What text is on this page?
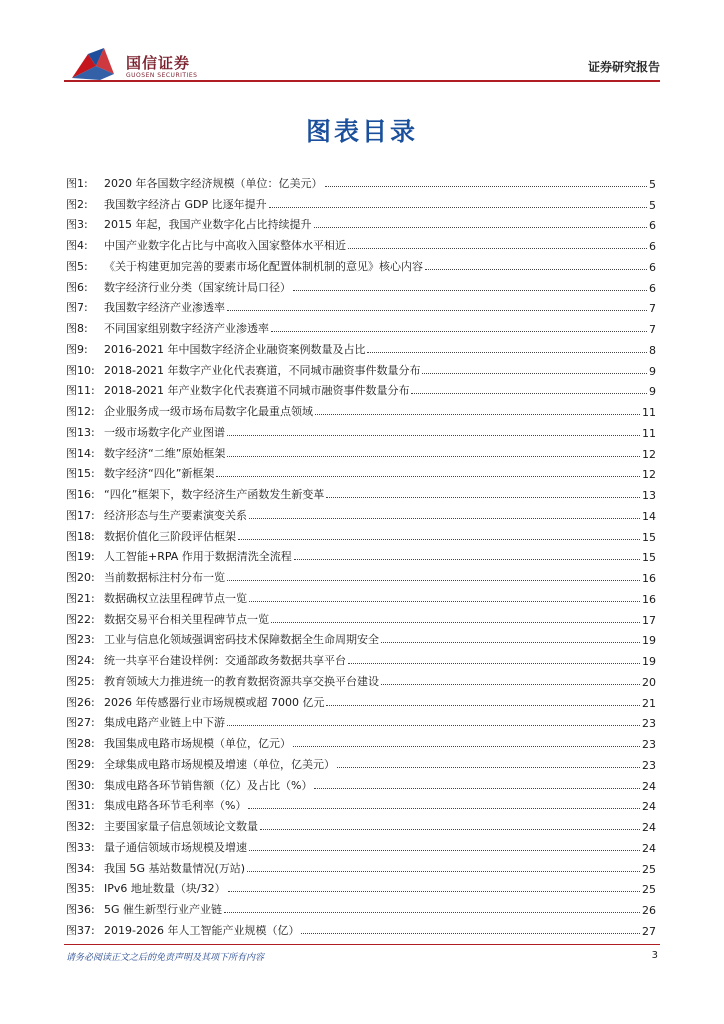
国信证券
GUOSEN SECURITIES
证券研究报告
图表目录
图1:	2020 年各国数字经济规模（单位：亿美元）	5
图2:	我国数字经济占 GDP 比逐年提升	5
图3:	2015 年起，我国产业数字化占比持续提升	6
图4:	中国产业数字化占比与中高收入国家整体水平相近	6
图5:	《关于构建更加完善的要素市场化配置体制机制的意见》核心内容	6
图6:	数字经济行业分类（国家统计局口径）	6
图7:	我国数字经济产业渗透率	7
图8:	不同国家组别数字经济产业渗透率	7
图9:	2016-2021 年中国数字经济企业融资案例数量及占比	8
图10: 2018-2021 年数字产业化代表赛道，不同城市融资事件数量分布	9
图11: 2018-2021 年产业数字化代表赛道不同城市融资事件数量分布	9
图12: 企业服务成一级市场布局数字化最重点领域	11
图13: 一级市场数字化产业图谱	11
图14: 数字经济“二维”原始框架	12
图15: 数字经济“四化”新框架	12
图16: “四化”框架下，数字经济生产函数发生新变革	13
图17: 经济形态与生产要素演变关系	14
图18: 数据价值化三阶段评估框架	15
图19: 人工智能+RPA 作用于数据清洗全流程	15
图20: 当前数据标注村分布一览	16
图21: 数据确权立法里程碑节点一览	16
图22: 数据交易平台相关里程碑节点一览	17
图23: 工业与信息化领域强调密码技术保障数据全生命周期安全	19
图24: 统一共享平台建设样例：交通部政务数据共享平台	19
图25: 教育领域大力推进统一的教育数据资源共享交换平台建设	20
图26: 2026 年传感器行业市场规模或超 7000 亿元	21
图27: 集成电路产业链上中下游	23
图28: 我国集成电路市场规模（单位，亿元）	23
图29: 全球集成电路市场规模及增速（单位，亿美元）	23
图30: 集成电路各环节销售额（亿）及占比（%）	24
图31: 集成电路各环节毛利率（%）	24
图32: 主要国家量子信息领域论文数量	24
图33: 量子通信领域市场规模及增速	24
图34: 我国 5G 基站数量情况(万站)	25
图35: IPv6 地址数量（块/32）	25
图36: 5G 催生新型行业产业链	26
图37: 2019-2026 年人工智能产业规模（亿）	27
请务必阅读正文之后的免责声明及其项下所有内容	3
